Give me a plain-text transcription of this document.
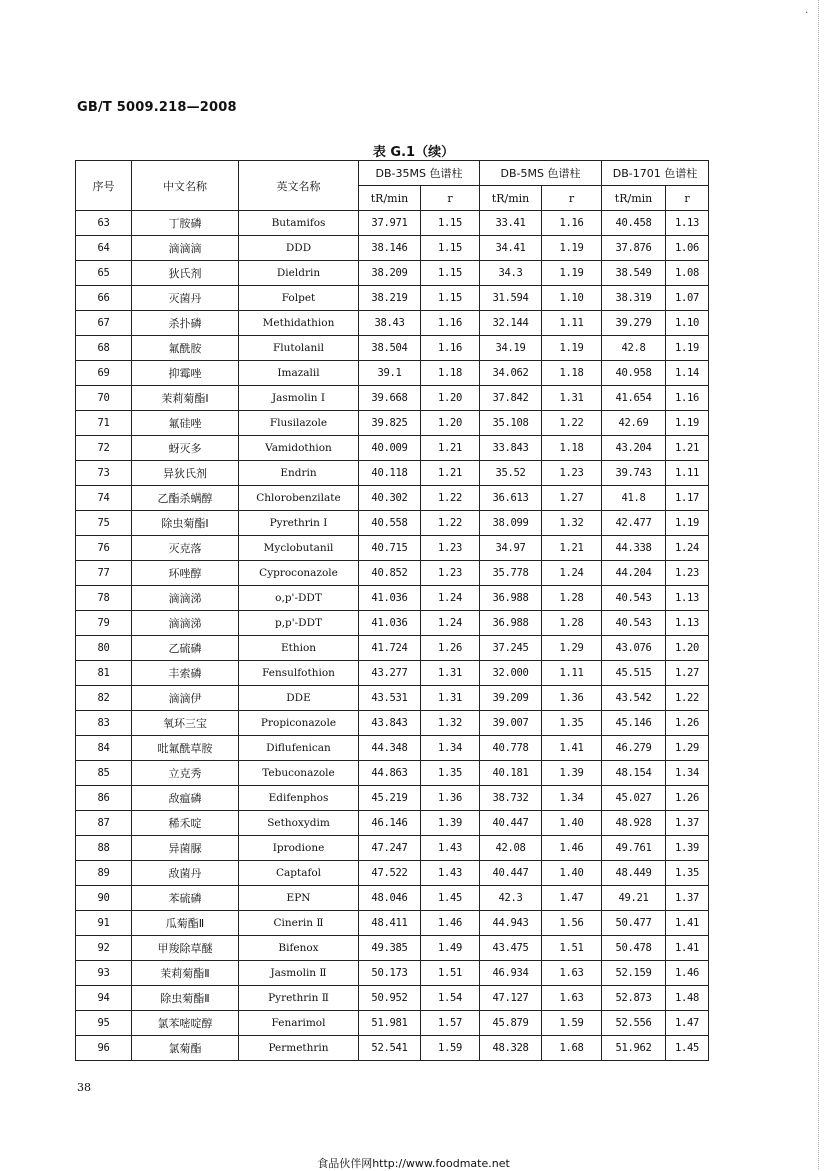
·
GB/T 5009.218—2008
表 G.1（续）
序号	中文名称	英文名称	DB-35MS 色谱柱		DB-5MS 色谱柱		DB-1701 色谱柱	
			tR/min	r	tR/min	r	tR/min	r
63	丁胺磷	Butamifos	37.971	1.15	33.41	1.16	40.458	1.13
64	滴滴滴	DDD	38.146	1.15	34.41	1.19	37.876	1.06
65	狄氏剂	Dieldrin	38.209	1.15	34.3	1.19	38.549	1.08
66	灭菌丹	Folpet	38.219	1.15	31.594	1.10	38.319	1.07
67	杀扑磷	Methidathion	38.43	1.16	32.144	1.11	39.279	1.10
68	氟酰胺	Flutolanil	38.504	1.16	34.19	1.19	42.8	1.19
69	抑霉唑	Imazalil	39.1	1.18	34.062	1.18	40.958	1.14
70	茉莉菊酯Ⅰ	Jasmolin Ⅰ	39.668	1.20	37.842	1.31	41.654	1.16
71	氟硅唑	Flusilazole	39.825	1.20	35.108	1.22	42.69	1.19
72	蚜灭多	Vamidothion	40.009	1.21	33.843	1.18	43.204	1.21
73	异狄氏剂	Endrin	40.118	1.21	35.52	1.23	39.743	1.11
74	乙酯杀螨醇	Chlorobenzilate	40.302	1.22	36.613	1.27	41.8	1.17
75	除虫菊酯Ⅰ	Pyrethrin Ⅰ	40.558	1.22	38.099	1.32	42.477	1.19
76	灭克落	Myclobutanil	40.715	1.23	34.97	1.21	44.338	1.24
77	环唑醇	Cyproconazole	40.852	1.23	35.778	1.24	44.204	1.23
78	滴滴涕	o,p'-DDT	41.036	1.24	36.988	1.28	40.543	1.13
79	滴滴涕	p,p'-DDT	41.036	1.24	36.988	1.28	40.543	1.13
80	乙硫磷	Ethion	41.724	1.26	37.245	1.29	43.076	1.20
81	丰索磷	Fensulfothion	43.277	1.31	32.000	1.11	45.515	1.27
82	滴滴伊	DDE	43.531	1.31	39.209	1.36	43.542	1.22
83	氧环三宝	Propiconazole	43.843	1.32	39.007	1.35	45.146	1.26
84	吡氟酰草胺	Diflufenican	44.348	1.34	40.778	1.41	46.279	1.29
85	立克秀	Tebuconazole	44.863	1.35	40.181	1.39	48.154	1.34
86	敌瘟磷	Edifenphos	45.219	1.36	38.732	1.34	45.027	1.26
87	稀禾啶	Sethoxydim	46.146	1.39	40.447	1.40	48.928	1.37
88	异菌脲	Iprodione	47.247	1.43	42.08	1.46	49.761	1.39
89	敌菌丹	Captafol	47.522	1.43	40.447	1.40	48.449	1.35
90	苯硫磷	EPN	48.046	1.45	42.3	1.47	49.21	1.37
91	瓜菊酯Ⅱ	Cinerin Ⅱ	48.411	1.46	44.943	1.56	50.477	1.41
92	甲羧除草醚	Bifenox	49.385	1.49	43.475	1.51	50.478	1.41
93	茉莉菊酯Ⅱ	Jasmolin Ⅱ	50.173	1.51	46.934	1.63	52.159	1.46
94	除虫菊酯Ⅱ	Pyrethrin Ⅱ	50.952	1.54	47.127	1.63	52.873	1.48
95	氯苯嘧啶醇	Fenarimol	51.981	1.57	45.879	1.59	52.556	1.47
96	氯菊酯	Permethrin	52.541	1.59	48.328	1.68	51.962	1.45
38
食品伙伴网http://www.foodmate.net
